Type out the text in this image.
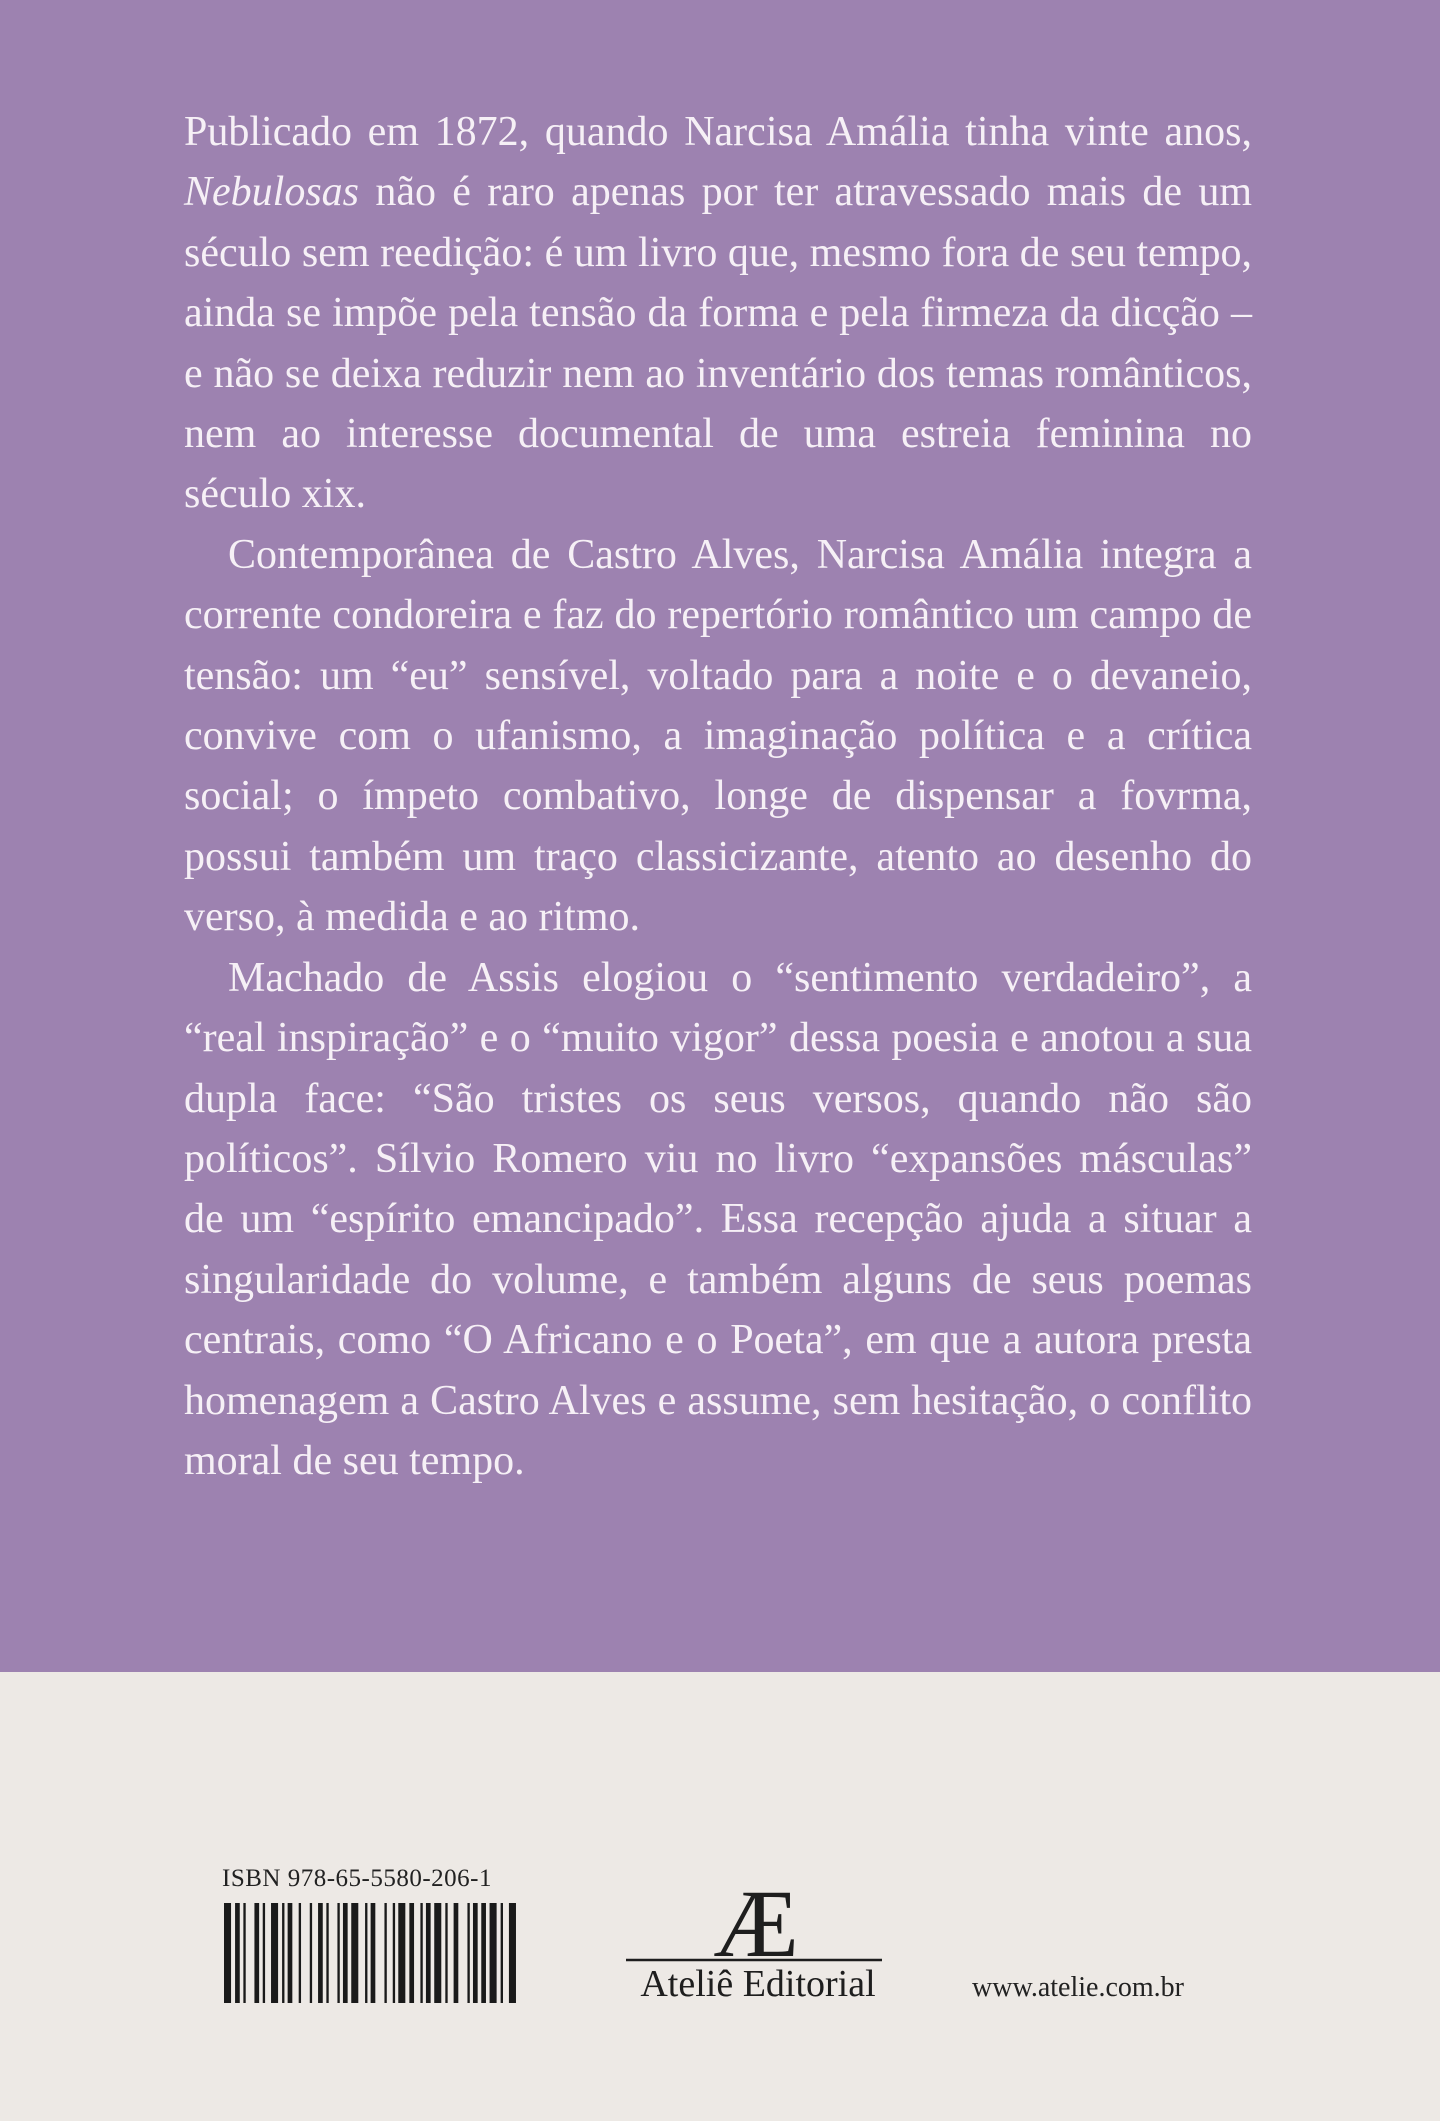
Publicado em 1872, quando Narcisa Amália tinha vinte anos, Nebulosas não é raro apenas por ter atravessado mais de um século sem reedição: é um livro que, mesmo fora de seu tempo, ainda se impõe pela tensão da forma e pela firmeza da dicção – e não se deixa reduzir nem ao inventário dos temas românticos, nem ao interesse documental de uma estreia feminina no século xix.

Contemporânea de Castro Alves, Narcisa Amália integra a corrente condoreira e faz do repertório romântico um campo de tensão: um “eu” sensível, voltado para a noite e o devaneio, convive com o ufanismo, a imaginação política e a crítica social; o ímpeto combativo, longe de dispensar a fovrma, possui também um traço classicizante, atento ao desenho do verso, à medida e ao ritmo.

Machado de Assis elogiou o “sentimento verdadeiro”, a “real inspiração” e o “muito vigor” dessa poesia e anotou a sua dupla face: “São tristes os seus versos, quando não são políticos”. Sílvio Romero viu no livro “expansões másculas” de um “espírito emancipado”. Essa recepção ajuda a situar a singularidade do volume, e também alguns de seus poemas centrais, como “O Africano e o Poeta”, em que a autora presta homenagem a Castro Alves e assume, sem hesitação, o conflito moral de seu tempo.

ISBN 978-65-5580-206-1 Æ
Ateliê Editorial	www.atelie.com.br
